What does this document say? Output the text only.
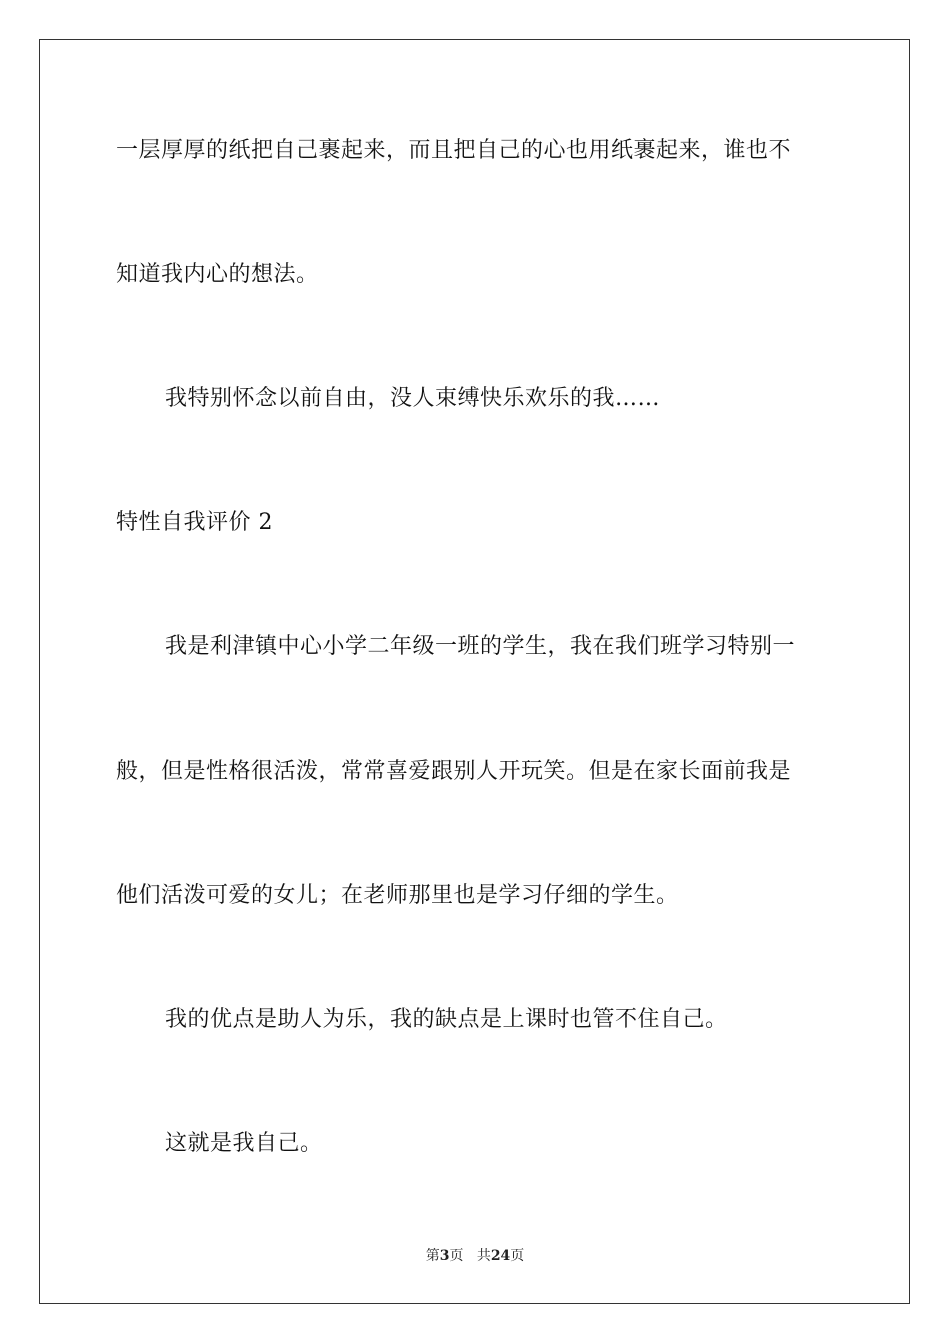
一层厚厚的纸把自己裹起来，而且把自己的心也用纸裹起来，谁也不
知道我内心的想法。
我特别怀念以前自由，没人束缚快乐欢乐的我……
特性自我评价 2
我是利津镇中心小学二年级一班的学生，我在我们班学习特别一
般，但是性格很活泼，常常喜爱跟别人开玩笑。但是在家长面前我是
他们活泼可爱的女儿；在老师那里也是学习仔细的学生。
我的优点是助人为乐，我的缺点是上课时也管不住自己。
这就是我自己。
第3页 共24页
